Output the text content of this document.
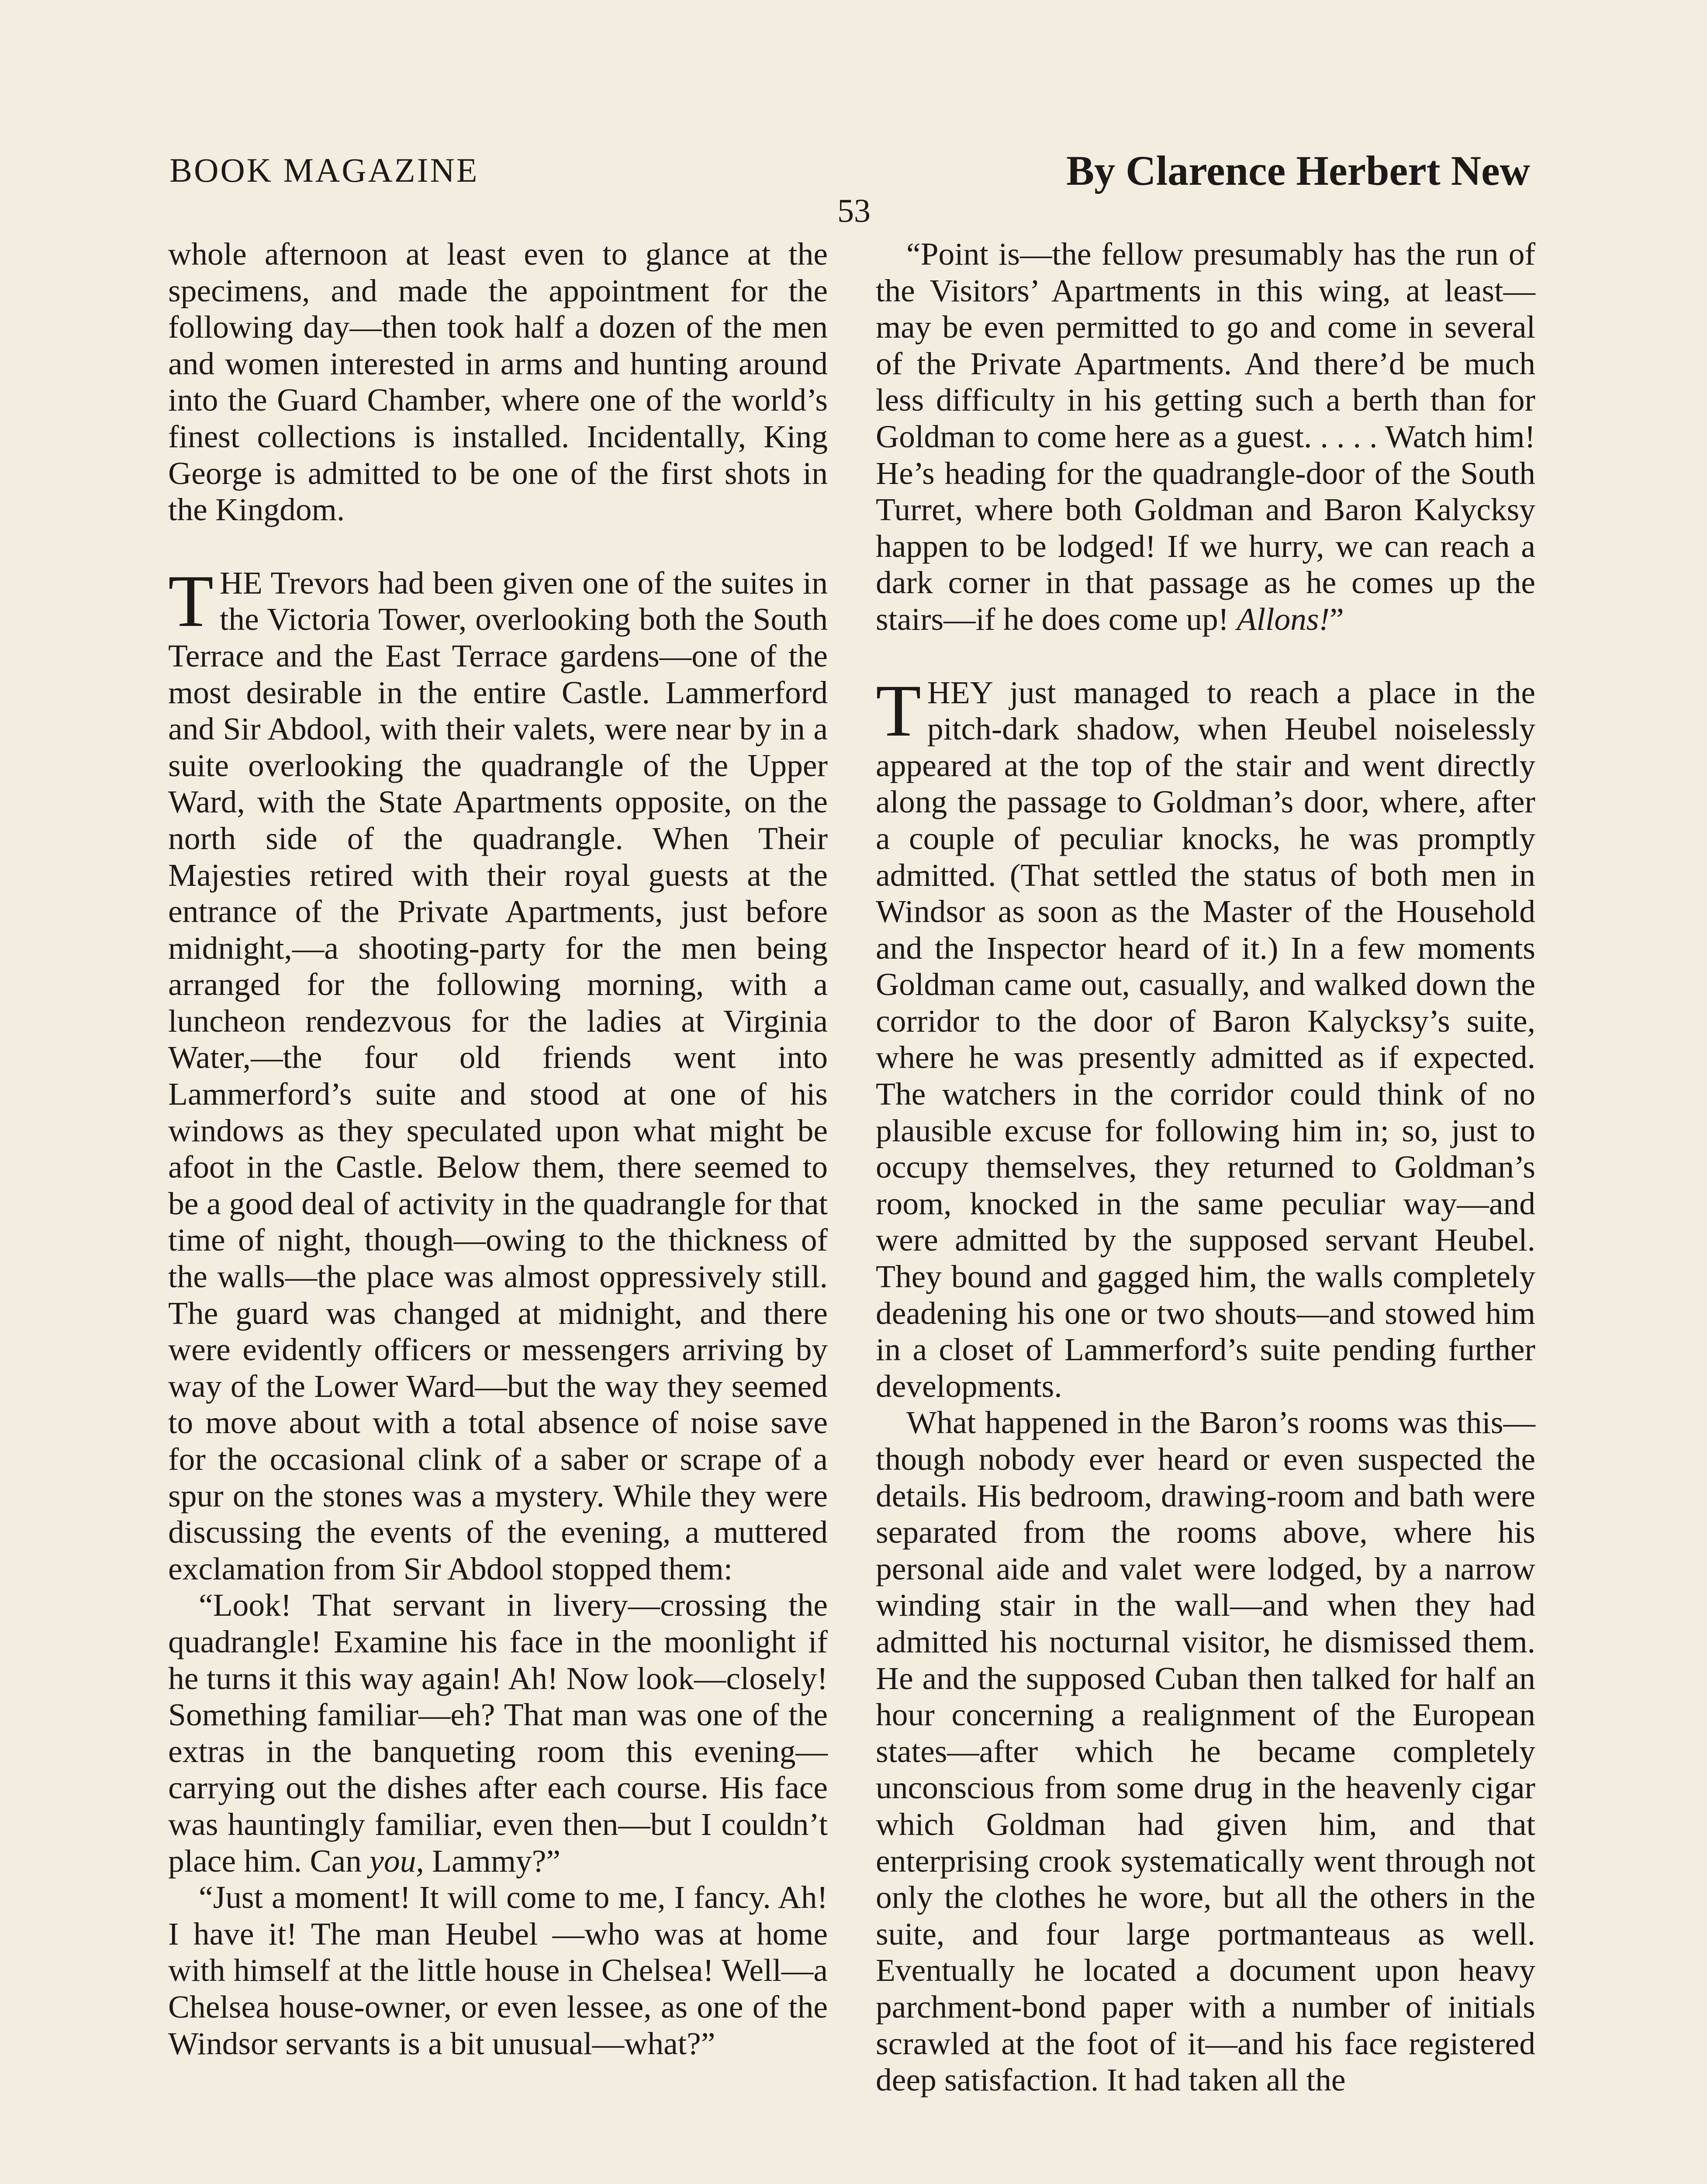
BOOK MAGAZINE	By Clarence Herbert New
53

whole afternoon at least even to glance at the specimens, and made the appointment for the following day—then took half a dozen of the men and women interested in arms and hunting around into the Guard Chamber, where one of the world’s finest collections is installed. Incidentally, King George is admitted to be one of the first shots in the Kingdom.

THE Trevors had been given one of the suites in the Victoria Tower, overlooking both the South Terrace and the East Terrace gardens—one of the most desirable in the entire Castle. Lammerford and Sir Abdool, with their valets, were near by in a suite overlooking the quadrangle of the Upper Ward, with the State Apartments opposite, on the north side of the quadrangle. When Their Majesties retired with their royal guests at the entrance of the Private Apartments, just before midnight,—a shooting-party for the men being arranged for the following morning, with a luncheon rendezvous for the ladies at Virginia Water,—the four old friends went into Lammerford’s suite and stood at one of his windows as they speculated upon what might be afoot in the Castle. Below them, there seemed to be a good deal of activity in the quadrangle for that time of night, though—owing to the thickness of the walls—the place was almost oppressively still. The guard was changed at midnight, and there were evidently officers or messengers arriving by way of the Lower Ward—but the way they seemed to move about with a total absence of noise save for the occasional clink of a saber or scrape of a spur on the stones was a mystery. While they were discussing the events of the evening, a muttered exclamation from Sir Abdool stopped them:

“Look! That servant in livery—crossing the quadrangle! Examine his face in the moonlight if he turns it this way again! Ah! Now look—closely! Something familiar—eh? That man was one of the extras in the banqueting room this evening—carrying out the dishes after each course. His face was hauntingly familiar, even then—but I couldn’t place him. Can you, Lammy?”

“Just a moment! It will come to me, I fancy. Ah! I have it! The man Heubel —who was at home with himself at the little house in Chelsea! Well—a Chelsea house-owner, or even lessee, as one of the Windsor servants is a bit unusual—what?”

“Point is—the fellow presumably has the run of the Visitors’ Apartments in this wing, at least—may be even permitted to go and come in several of the Private Apartments. And there’d be much less difficulty in his getting such a berth than for Goldman to come here as a guest. . . . . Watch him! He’s heading for the quadrangle-door of the South Turret, where both Goldman and Baron Kalycksy happen to be lodged! If we hurry, we can reach a dark corner in that passage as he comes up the stairs—if he does come up! Allons!”

THEY just managed to reach a place in the pitch-dark shadow, when Heubel noiselessly appeared at the top of the stair and went directly along the passage to Goldman’s door, where, after a couple of peculiar knocks, he was promptly admitted. (That settled the status of both men in Windsor as soon as the Master of the Household and the Inspector heard of it.) In a few moments Goldman came out, casually, and walked down the corridor to the door of Baron Kalycksy’s suite, where he was presently admitted as if expected. The watchers in the corridor could think of no plausible excuse for following him in; so, just to occupy themselves, they returned to Goldman’s room, knocked in the same peculiar way—and were admitted by the supposed servant Heubel. They bound and gagged him, the walls completely deadening his one or two shouts—and stowed him in a closet of Lammerford’s suite pending further developments.

What happened in the Baron’s rooms was this—though nobody ever heard or even suspected the details. His bedroom, drawing-room and bath were separated from the rooms above, where his personal aide and valet were lodged, by a narrow winding stair in the wall—and when they had admitted his nocturnal visitor, he dismissed them. He and the supposed Cuban then talked for half an hour concerning a realignment of the European states—after which he became completely unconscious from some drug in the heavenly cigar which Goldman had given him, and that enterprising crook systematically went through not only the clothes he wore, but all the others in the suite, and four large portmanteaus as well. Eventually he located a document upon heavy parchment-bond paper with a number of initials scrawled at the foot of it—and his face registered deep satisfaction. It had taken all the
